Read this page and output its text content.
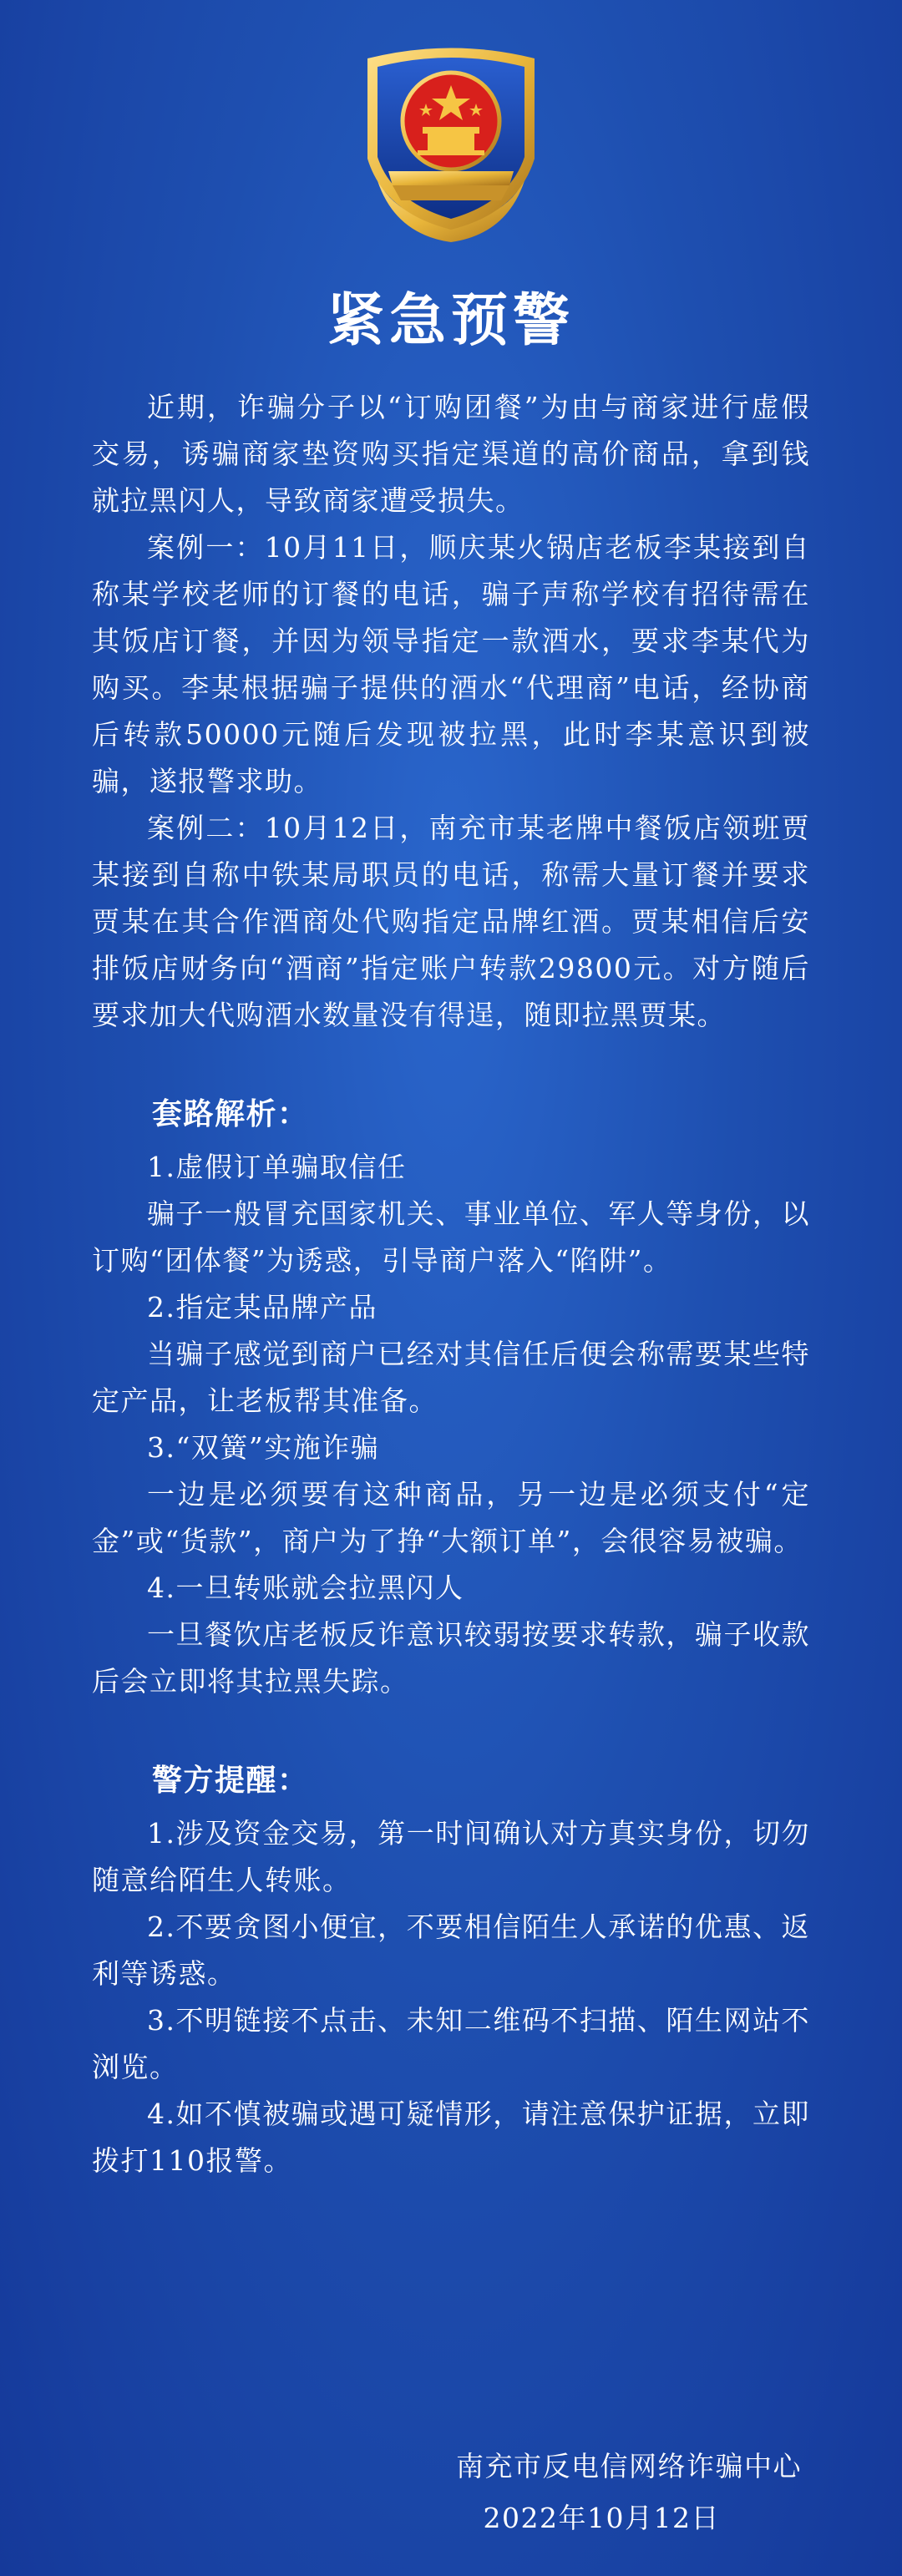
紧急预警

近期，诈骗分子以“订购团餐”为由与商家进行虚假交易，诱骗商家垫资购买指定渠道的高价商品，拿到钱就拉黑闪人，导致商家遭受损失。

案例一：10月11日，顺庆某火锅店老板李某接到自称某学校老师的订餐的电话，骗子声称学校有招待需在其饭店订餐，并因为领导指定一款酒水，要求李某代为购买。李某根据骗子提供的酒水“代理商”电话，经协商后转款50000元随后发现被拉黑，此时李某意识到被骗，遂报警求助。

案例二：10月12日，南充市某老牌中餐饭店领班贾某接到自称中铁某局职员的电话，称需大量订餐并要求贾某在其合作酒商处代购指定品牌红酒。贾某相信后安排饭店财务向“酒商”指定账户转款29800元。对方随后要求加大代购酒水数量没有得逞，随即拉黑贾某。

套路解析：

1.虚假订单骗取信任

骗子一般冒充国家机关、事业单位、军人等身份，以订购“团体餐”为诱惑，引导商户落入“陷阱”。

2.指定某品牌产品

当骗子感觉到商户已经对其信任后便会称需要某些特定产品，让老板帮其准备。

3.“双簧”实施诈骗

一边是必须要有这种商品，另一边是必须支付“定金”或“货款”，商户为了挣“大额订单”，会很容易被骗。

4.一旦转账就会拉黑闪人

一旦餐饮店老板反诈意识较弱按要求转款，骗子收款后会立即将其拉黑失踪。

警方提醒：

1.涉及资金交易，第一时间确认对方真实身份，切勿随意给陌生人转账。

2.不要贪图小便宜，不要相信陌生人承诺的优惠、返利等诱惑。

3.不明链接不点击、未知二维码不扫描、陌生网站不浏览。

4.如不慎被骗或遇可疑情形，请注意保护证据，立即拨打110报警。

南充市反电信网络诈骗中心
2022年10月12日
